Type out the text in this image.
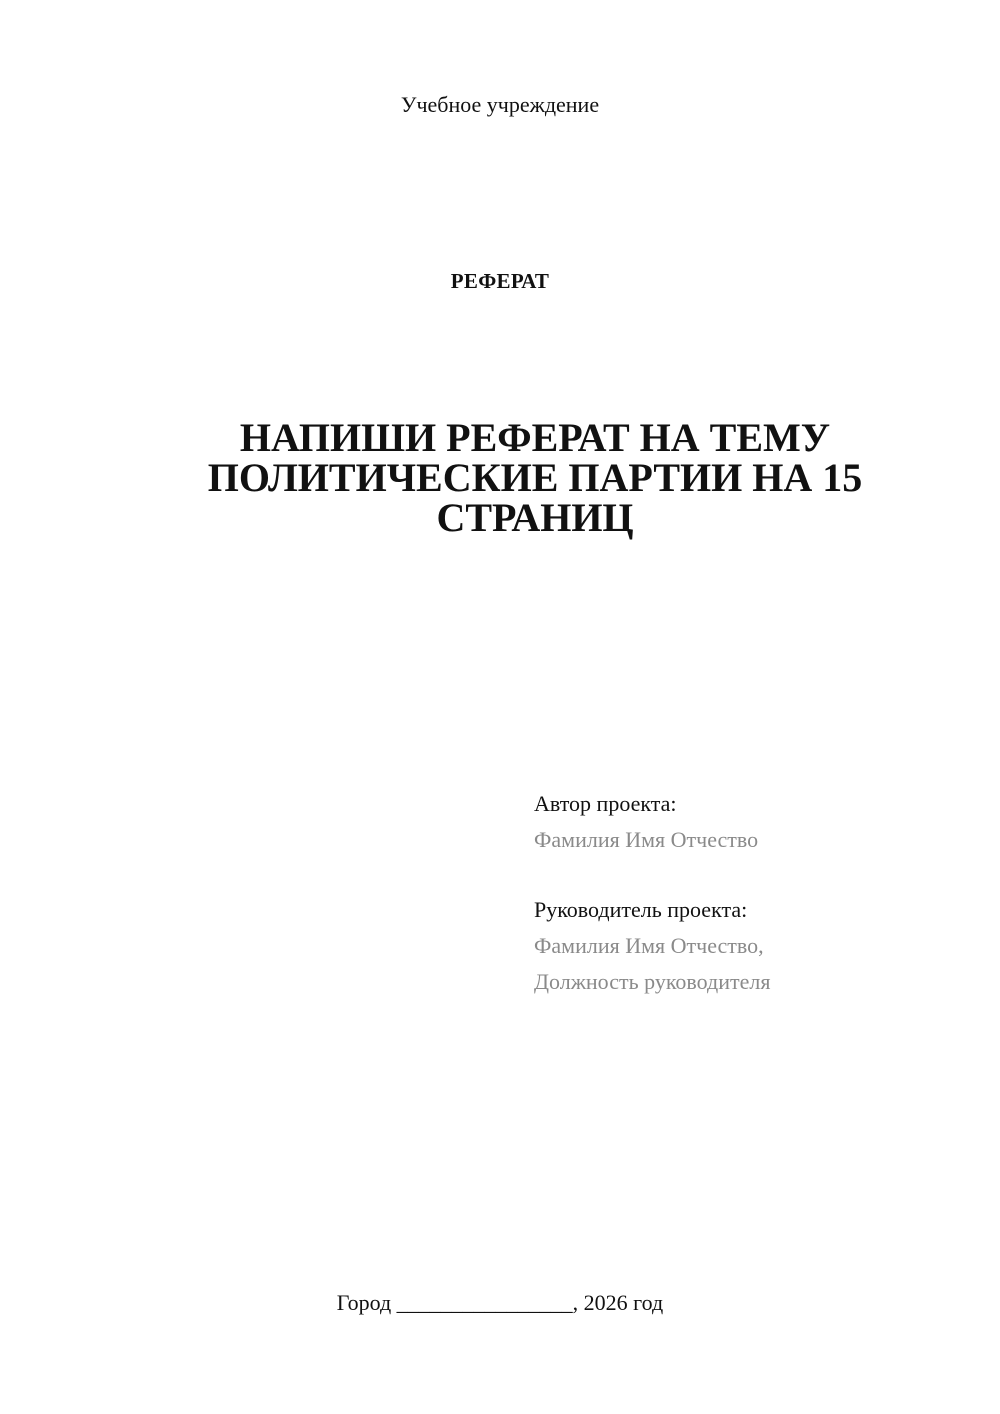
Учебное учреждение
РЕФЕРАТ
НАПИШИ РЕФЕРАТ НА ТЕМУ ПОЛИТИЧЕСКИЕ ПАРТИИ НА 15 СТРАНИЦ
Автор проекта:
Фамилия Имя Отчество
Руководитель проекта:
Фамилия Имя Отчество,
Должность руководителя
Город ________________, 2026 год
